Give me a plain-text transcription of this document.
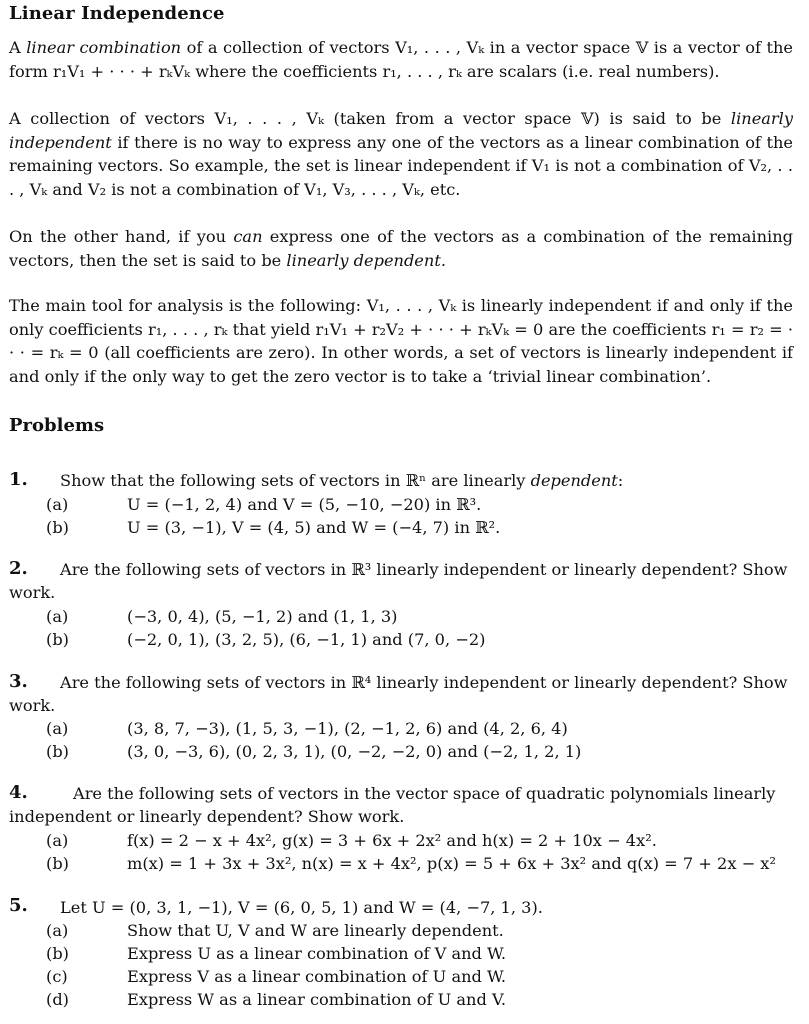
Linear Independence

A linear combination of a collection of vectors V₁, . . . , Vₖ in a vector space 𝕍 is a vector of the form r₁V₁ + · · · + rₖVₖ where the coefficients r₁, . . . , rₖ are scalars (i.e. real numbers).

A collection of vectors V₁, . . . , Vₖ (taken from a vector space 𝕍) is said to be linearly independent if there is no way to express any one of the vectors as a linear combination of the remaining vectors. So example, the set is linear independent if V₁ is not a combination of V₂, . . . , Vₖ and V₂ is not a combination of V₁, V₃, . . . , Vₖ, etc.

On the other hand, if you can express one of the vectors as a combination of the remaining vectors, then the set is said to be linearly dependent.

The main tool for analysis is the following: V₁, . . . , Vₖ is linearly independent if and only if the only coefficients r₁, . . . , rₖ that yield r₁V₁ + r₂V₂ + · · · + rₖVₖ = 0 are the coefficients r₁ = r₂ = · · · = rₖ = 0 (all coefficients are zero). In other words, a set of vectors is linearly independent if and only if the only way to get the zero vector is to take a ‘trivial linear combination’.

Problems
1. Show that the following sets of vectors in ℝⁿ are linearly dependent:
(a)	U = (−1, 2, 4) and V = (5, −10, −20) in ℝ³.
(b)	U = (3, −1), V = (4, 5) and W = (−4, 7) in ℝ².
2. Are the following sets of vectors in ℝ³ linearly independent or linearly dependent? Show
work.
(a)	(−3, 0, 4), (5, −1, 2) and (1, 1, 3)
(b)	(−2, 0, 1), (3, 2, 5), (6, −1, 1) and (7, 0, −2)
3. Are the following sets of vectors in ℝ⁴ linearly independent or linearly dependent? Show
work.
(a)	(3, 8, 7, −3), (1, 5, 3, −1), (2, −1, 2, 6) and (4, 2, 6, 4)
(b)	(3, 0, −3, 6), (0, 2, 3, 1), (0, −2, −2, 0) and (−2, 1, 2, 1)
4.	Are the following sets of vectors in the vector space of quadratic polynomials linearly
independent or linearly dependent? Show work.
(a)	f(x) = 2 − x + 4x², g(x) = 3 + 6x + 2x² and h(x) = 2 + 10x − 4x².
(b)	m(x) = 1 + 3x + 3x², n(x) = x + 4x², p(x) = 5 + 6x + 3x² and q(x) = 7 + 2x − x²
5. Let U = (0, 3, 1, −1), V = (6, 0, 5, 1) and W = (4, −7, 1, 3).
(a)	Show that U, V and W are linearly dependent.
(b)	Express U as a linear combination of V and W.
(c)	Express V as a linear combination of U and W.
(d)	Express W as a linear combination of U and V.
